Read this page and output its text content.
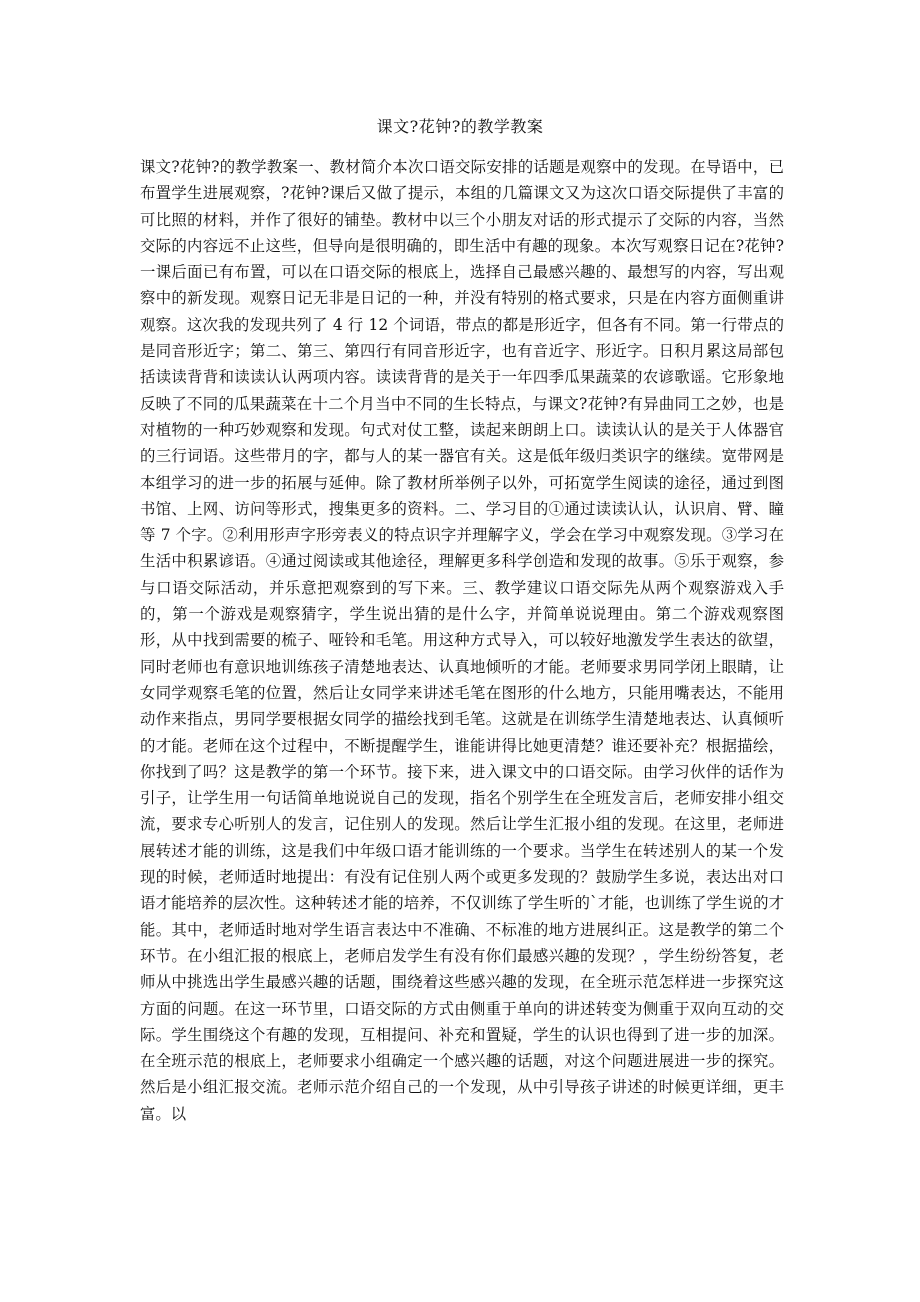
课文?花钟?的教学教案
课文?花钟?的教学教案一、教材简介本次口语交际安排的话题是观察中的发现。在导语中，已布置学生进展观察，?花钟?课后又做了提示，本组的几篇课文又为这次口语交际提供了丰富的可比照的材料，并作了很好的铺垫。教材中以三个小朋友对话的形式提示了交际的内容，当然交际的内容远不止这些，但导向是很明确的，即生活中有趣的现象。本次写观察日记在?花钟?一课后面已有布置，可以在口语交际的根底上，选择自己最感兴趣的、最想写的内容，写出观察中的新发现。观察日记无非是日记的一种，并没有特别的格式要求，只是在内容方面侧重讲观察。这次我的发现共列了 4 行 12 个词语，带点的都是形近字，但各有不同。第一行带点的是同音形近字；第二、第三、第四行有同音形近字，也有音近字、形近字。日积月累这局部包括读读背背和读读认认两项内容。读读背背的是关于一年四季瓜果蔬菜的农谚歌谣。它形象地反映了不同的瓜果蔬菜在十二个月当中不同的生长特点，与课文?花钟?有异曲同工之妙，也是对植物的一种巧妙观察和发现。句式对仗工整，读起来朗朗上口。读读认认的是关于人体器官的三行词语。这些带月的字，都与人的某一器官有关。这是低年级归类识字的继续。宽带网是本组学习的进一步的拓展与延伸。除了教材所举例子以外，可拓宽学生阅读的途径，通过到图书馆、上网、访问等形式，搜集更多的资料。二、学习目的①通过读读认认，认识肩、臂、瞳等 7 个字。②利用形声字形旁表义的特点识字并理解字义，学会在学习中观察发现。③学习在生活中积累谚语。④通过阅读或其他途径，理解更多科学创造和发现的故事。⑤乐于观察，参与口语交际活动，并乐意把观察到的写下来。三、教学建议口语交际先从两个观察游戏入手的，第一个游戏是观察猜字，学生说出猜的是什么字，并简单说说理由。第二个游戏观察图形，从中找到需要的梳子、哑铃和毛笔。用这种方式导入，可以较好地激发学生表达的欲望，同时老师也有意识地训练孩子清楚地表达、认真地倾听的才能。老师要求男同学闭上眼睛，让女同学观察毛笔的位置，然后让女同学来讲述毛笔在图形的什么地方，只能用嘴表达，不能用动作来指点，男同学要根据女同学的描绘找到毛笔。这就是在训练学生清楚地表达、认真倾听的才能。老师在这个过程中，不断提醒学生，谁能讲得比她更清楚？谁还要补充？根据描绘，你找到了吗？这是教学的第一个环节。接下来，进入课文中的口语交际。由学习伙伴的话作为引子，让学生用一句话简单地说说自己的发现，指名个别学生在全班发言后，老师安排小组交流，要求专心听别人的发言，记住别人的发现。然后让学生汇报小组的发现。在这里，老师进展转述才能的训练，这是我们中年级口语才能训练的一个要求。当学生在转述别人的某一个发现的时候，老师适时地提出：有没有记住别人两个或更多发现的？鼓励学生多说，表达出对口语才能培养的层次性。这种转述才能的培养，不仅训练了学生听的`才能，也训练了学生说的才能。其中，老师适时地对学生语言表达中不准确、不标准的地方进展纠正。这是教学的第二个环节。在小组汇报的根底上，老师启发学生有没有你们最感兴趣的发现？，学生纷纷答复，老师从中挑选出学生最感兴趣的话题，围绕着这些感兴趣的发现，在全班示范怎样进一步探究这方面的问题。在这一环节里，口语交际的方式由侧重于单向的讲述转变为侧重于双向互动的交际。学生围绕这个有趣的发现，互相提问、补充和置疑，学生的认识也得到了进一步的加深。在全班示范的根底上，老师要求小组确定一个感兴趣的话题，对这个问题进展进一步的探究。然后是小组汇报交流。老师示范介绍自己的一个发现，从中引导孩子讲述的时候更详细，更丰富。以
